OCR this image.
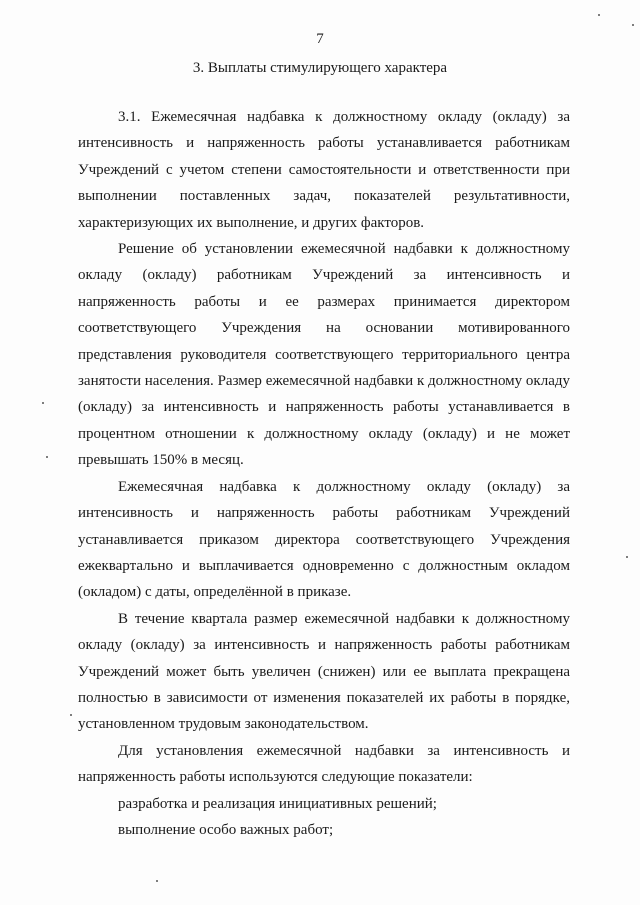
7
3. Выплаты стимулирующего характера

3.1. Ежемесячная надбавка к должностному окладу (окладу) за интенсивность и напряженность работы устанавливается работникам Учреждений с учетом степени самостоятельности и ответственности при выполнении поставленных задач, показателей результативности, характеризующих их выполнение, и других факторов.

Решение об установлении ежемесячной надбавки к должностному окладу (окладу) работникам Учреждений за интенсивность и напряженность работы и ее размерах принимается директором соответствующего Учреждения на основании мотивированного представления руководителя соответствующего территориального центра занятости населения. Размер ежемесячной надбавки к должностному окладу (окладу) за интенсивность и напряженность работы устанавливается в процентном отношении к должностному окладу (окладу) и не может превышать 150% в месяц.

Ежемесячная надбавка к должностному окладу (окладу) за интенсивность и напряженность работы работникам Учреждений устанавливается приказом директора соответствующего Учреждения ежеквартально и выплачивается одновременно с должностным окладом (окладом) с даты, определённой в приказе.

В течение квартала размер ежемесячной надбавки к должностному окладу (окладу) за интенсивность и напряженность работы работникам Учреждений может быть увеличен (снижен) или ее выплата прекращена полностью в зависимости от изменения показателей их работы в порядке, установленном трудовым законодательством.

Для установления ежемесячной надбавки за интенсивность и напряженность работы используются следующие показатели:

разработка и реализация инициативных решений;

выполнение особо важных работ;
